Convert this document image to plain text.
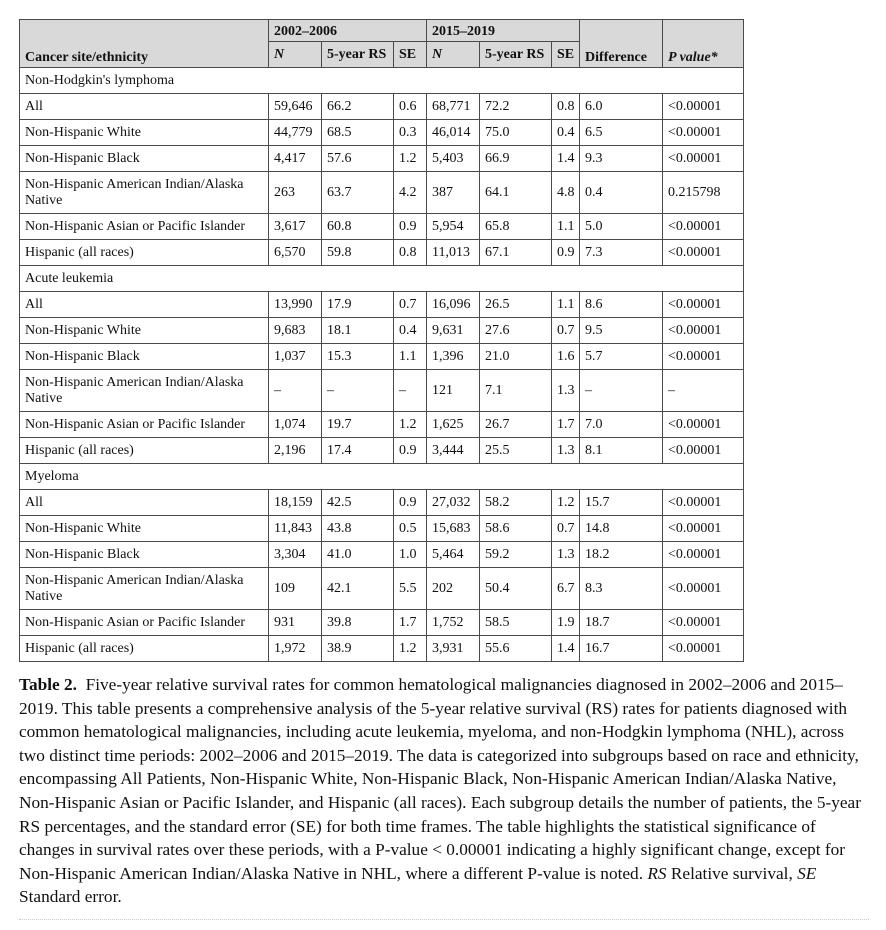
Cancer site/ethnicity	2002–2006			2015–2019			Difference	P value*
	N	5-year RS	SE	N	5-year RS	SE		
Non-Hodgkin's lymphoma								
All	59,646	66.2	0.6	68,771	72.2	0.8	6.0	<0.00001
Non-Hispanic White	44,779	68.5	0.3	46,014	75.0	0.4	6.5	<0.00001
Non-Hispanic Black	4,417	57.6	1.2	5,403	66.9	1.4	9.3	<0.00001
Non-Hispanic American Indian/Alaska Native	263	63.7	4.2	387	64.1	4.8	0.4	0.215798
Non-Hispanic Asian or Pacific Islander	3,617	60.8	0.9	5,954	65.8	1.1	5.0	<0.00001
Hispanic (all races)	6,570	59.8	0.8	11,013	67.1	0.9	7.3	<0.00001
Acute leukemia								
All	13,990	17.9	0.7	16,096	26.5	1.1	8.6	<0.00001
Non-Hispanic White	9,683	18.1	0.4	9,631	27.6	0.7	9.5	<0.00001
Non-Hispanic Black	1,037	15.3	1.1	1,396	21.0	1.6	5.7	<0.00001
Non-Hispanic American Indian/Alaska Native	–	–	–	121	7.1	1.3	–	–
Non-Hispanic Asian or Pacific Islander	1,074	19.7	1.2	1,625	26.7	1.7	7.0	<0.00001
Hispanic (all races)	2,196	17.4	0.9	3,444	25.5	1.3	8.1	<0.00001
Myeloma								
All	18,159	42.5	0.9	27,032	58.2	1.2	15.7	<0.00001
Non-Hispanic White	11,843	43.8	0.5	15,683	58.6	0.7	14.8	<0.00001
Non-Hispanic Black	3,304	41.0	1.0	5,464	59.2	1.3	18.2	<0.00001
Non-Hispanic American Indian/Alaska Native	109	42.1	5.5	202	50.4	6.7	8.3	<0.00001
Non-Hispanic Asian or Pacific Islander	931	39.8	1.7	1,752	58.5	1.9	18.7	<0.00001
Hispanic (all races)	1,972	38.9	1.2	3,931	55.6	1.4	16.7	<0.00001
Table 2. Five-year relative survival rates for common hematological malignancies diagnosed in 2002–2006 and 2015–2019. This table presents a comprehensive analysis of the 5-year relative survival (RS) rates for patients diagnosed with common hematological malignancies, including acute leukemia, myeloma, and non-Hodgkin lymphoma (NHL), across two distinct time periods: 2002–2006 and 2015–2019. The data is categorized into subgroups based on race and ethnicity, encompassing All Patients, Non-Hispanic White, Non-Hispanic Black, Non-Hispanic American Indian/Alaska Native, Non-Hispanic Asian or Pacific Islander, and Hispanic (all races). Each subgroup details the number of patients, the 5-year RS percentages, and the standard error (SE) for both time frames. The table highlights the statistical significance of changes in survival rates over these periods, with a P-value < 0.00001 indicating a highly significant change, except for Non-Hispanic American Indian/Alaska Native in NHL, where a different P-value is noted. RS Relative survival, SE Standard error.
